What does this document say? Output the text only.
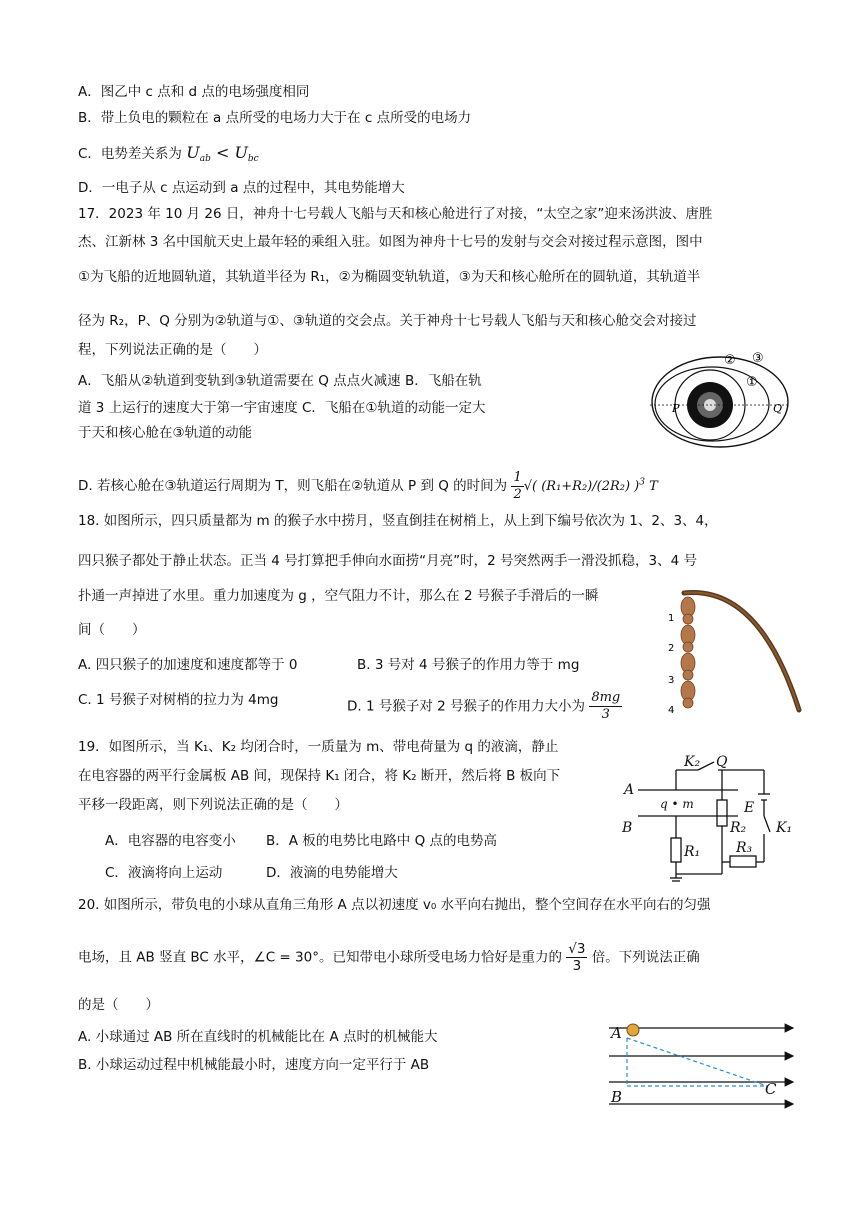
A．图乙中 c 点和 d 点的电场强度相同
B．带上负电的颗粒在 a 点所受的电场力大于在 c 点所受的电场力
C．电势差关系为 $U_{ab} < U_{bc}$
D．一电子从 c 点运动到 a 点的过程中，其电势能增大
17．2023 年 10 月 26 日，神舟十七号载人飞船与天和核心舱进行了对接，“太空之家”迎来汤洪波、唐胜
杰、江新林 3 名中国航天史上最年轻的乘组入驻。如图为神舟十七号的发射与交会对接过程示意图，图中
①为飞船的近地圆轨道，其轨道半径为 R₁，②为椭圆变轨轨道，③为天和核心舱所在的圆轨道，其轨道半
径为 R₂，P、Q 分别为②轨道与①、③轨道的交会点。关于神舟十七号载人飞船与天和核心舱交会对接过
程，下列说法正确的是（　　）
A．飞船从②轨道到变轨到③轨道需要在 Q 点点火减速 B．飞船在轨
道 3 上运行的速度大于第一宇宙速度 C．飞船在①轨道的动能一定大
于天和核心舱在③轨道的动能
D. 若核心舱在③轨道运行周期为 T，则飞船在②轨道从 P 到 Q 的时间为 $\frac{1}{2}$ √( (R₁+R₂)/(2R₂) )$^3$ T
② ③
①
P	Q
18. 如图所示，四只质量都为 m 的猴子水中捞月，竖直倒挂在树梢上，从上到下编号依次为 1、2、3、4，
四只猴子都处于静止状态。正当 4 号打算把手伸向水面捞“月亮”时，2 号突然两手一滑没抓稳，3、4 号
扑通一声掉进了水里。重力加速度为 g ，空气阻力不计，那么在 2 号猴子手滑后的一瞬
间（　　）
A. 四只猴子的加速度和速度都等于 0	B. 3 号对 4 号猴子的作用力等于 mg
C. 1 号猴子对树梢的拉力为 4mg	D. 1 号猴子对 2 号猴子的作用力大小为 $\frac{8mg}{3}$
1
2
3
4
19．如图所示，当 K₁、K₂ 均闭合时，一质量为 m、带电荷量为 q 的液滴，静止
在电容器的两平行金属板 AB 间，现保持 K₁ 闭合，将 K₂ 断开，然后将 B 板向下
平移一段距离，则下列说法正确的是（　　）
A．电容器的电容变小 B．A 板的电势比电路中 Q 点的电势高
C．液滴将向上运动	D．液滴的电势能增大
K₂ Q
A
q • m
B
E
R₂ K₁
R₁	R₃
20. 如图所示，带负电的小球从直角三角形 A 点以初速度 v₀ 水平向右抛出，整个空间存在水平向右的匀强
电场，且 AB 竖直 BC 水平，∠C = 30°。已知带电小球所受电场力恰好是重力的 $\frac{√3}{3}$ 倍。下列说法正确
的是（　　）
A. 小球通过 AB 所在直线时的机械能比在 A 点时的机械能大
B. 小球运动过程中机械能最小时，速度方向一定平行于 AB
A
B	C
